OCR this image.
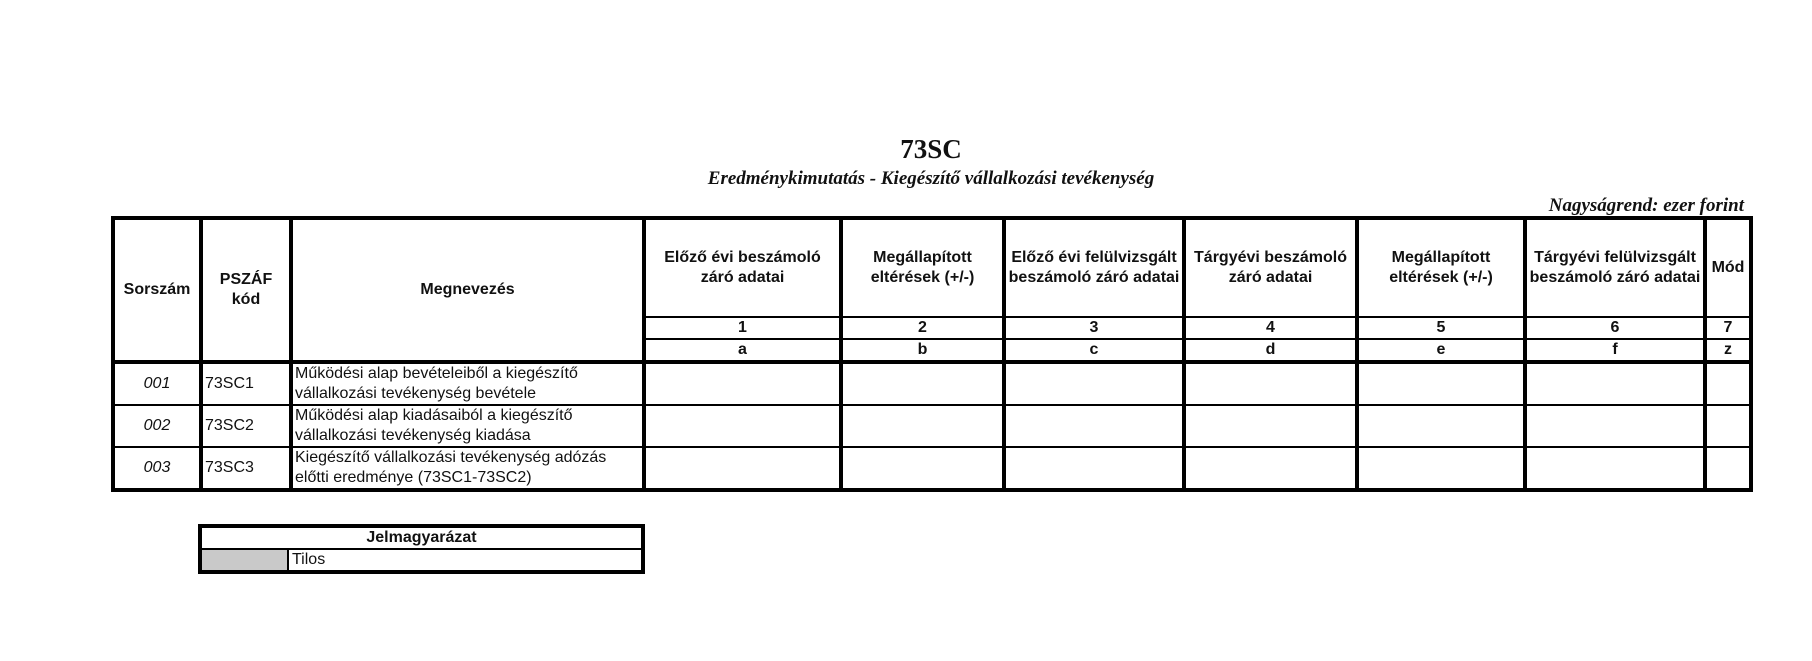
73SC
Eredménykimutatás - Kiegészítő vállalkozási tevékenység
Nagyságrend: ezer forint
Sorszám	PSZÁF kód	Megnevezés	Előző évi beszámoló záró adatai	Megállapított eltérések (+/-)	Előző évi felülvizsgált beszámoló záró adatai	Tárgyévi beszámoló záró adatai	Megállapított eltérések (+/-)	Tárgyévi felülvizsgált beszámoló záró adatai	Mód
			1	2	3	4	5	6	7
			a	b	c	d	e	f	z
001	73SC1	Működési alap bevételeiből a kiegészítő vállalkozási tevékenység bevétele							
002	73SC2	Működési alap kiadásaiból a kiegészítő vállalkozási tevékenység kiadása							
003	73SC3	Kiegészítő vállalkozási tevékenység adózás előtti eredménye (73SC1-73SC2)							
Jelmagyarázat
	Tilos
